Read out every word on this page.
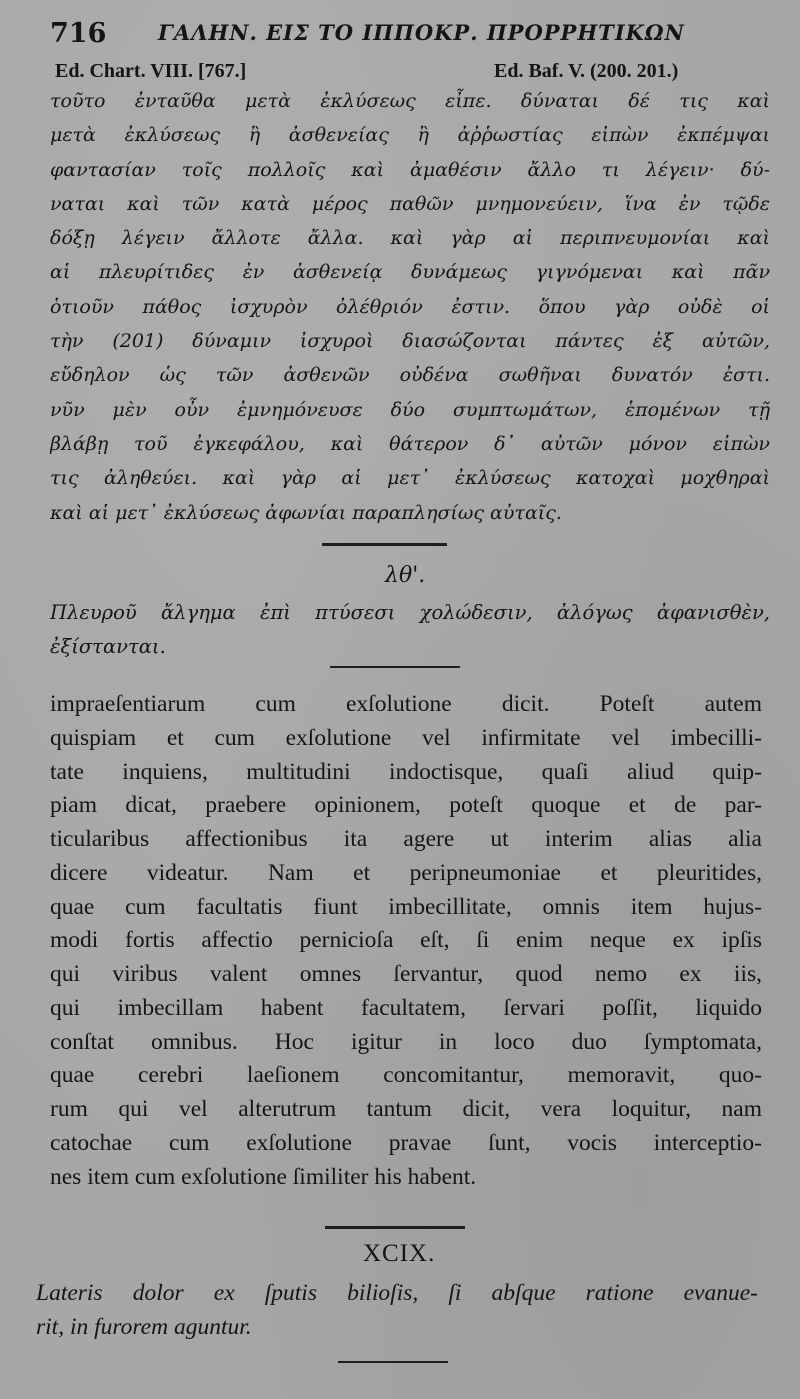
716 ΓΑΛΗΝ. ΕΙΣ ΤΟ ΙΠΠΟΚΡ. ΠΡΟΡΡΗΤΙΚΩΝ
Ed. Chart. VIII. [767.]	Ed. Baf. V. (200. 201.)
τοῦτο ἐνταῦθα μετὰ ἐκλύσεως εἶπε. δύναται δέ τις καὶ
μετὰ ἐκλύσεως ἢ ἀσθενείας ἢ ἀῤῥωστίας εἰπὼν ἐκπέμψαι
φαντασίαν τοῖς πολλοῖς καὶ ἀμαθέσιν ἄλλο τι λέγειν· δύ-
ναται καὶ τῶν κατὰ μέρος παθῶν μνημονεύειν, ἵνα ἐν τῷδε
δόξῃ λέγειν ἄλλοτε ἄλλα. καὶ γὰρ αἱ περιπνευμονίαι καὶ
αἱ πλευρίτιδες ἐν ἀσθενείᾳ δυνάμεως γιγνόμεναι καὶ πᾶν
ὁτιοῦν πάθος ἰσχυρὸν ὀλέθριόν ἐστιν. ὅπου γὰρ οὐδὲ οἱ
τὴν (201) δύναμιν ἰσχυροὶ διασώζονται πάντες ἐξ αὐτῶν,
εὔδηλον ὡς τῶν ἀσθενῶν οὐδένα σωθῆναι δυνατόν ἐστι.
νῦν μὲν οὖν ἐμνημόνευσε δύο συμπτωμάτων, ἑπομένων τῇ
βλάβῃ τοῦ ἐγκεφάλου, καὶ θάτερον δ᾽ αὐτῶν μόνον εἰπὼν
τις ἀληθεύει. καὶ γὰρ αἱ μετ᾽ ἐκλύσεως κατοχαὶ μοχθηραὶ
καὶ αἱ μετ᾽ ἐκλύσεως ἀφωνίαι παραπλησίως αὐταῖς.
λθ'.
Πλευροῦ ἄλγημα ἐπὶ πτύσεσι χολώδεσιν, ἀλόγως ἀφανισθὲν,
ἐξίστανται.
impraeſentiarum cum exſolutione dicit. Poteſt autem
quispiam et cum exſolutione vel infirmitate vel imbecilli-
tate inquiens, multitudini indoctisque, quaſi aliud quip-
piam dicat, praebere opinionem, poteſt quoque et de par-
ticularibus affectionibus ita agere ut interim alias alia
dicere videatur. Nam et peripneumoniae et pleuritides,
quae cum facultatis fiunt imbecillitate, omnis item hujus-
modi fortis affectio pernicioſa eſt, ſi enim neque ex ipſis
qui viribus valent omnes ſervantur, quod nemo ex iis,
qui imbecillam habent facultatem, ſervari poſſit, liquido
conſtat omnibus. Hoc igitur in loco duo ſymptomata,
quae cerebri laeſionem concomitantur, memoravit, quo-
rum qui vel alterutrum tantum dicit, vera loquitur, nam
catochae cum exſolutione pravae ſunt, vocis interceptio-
nes item cum exſolutione ſimiliter his habent.
XCIX.
Lateris dolor ex ſputis bilioſis, ſi abſque ratione evanue-
rit, in furorem aguntur.
